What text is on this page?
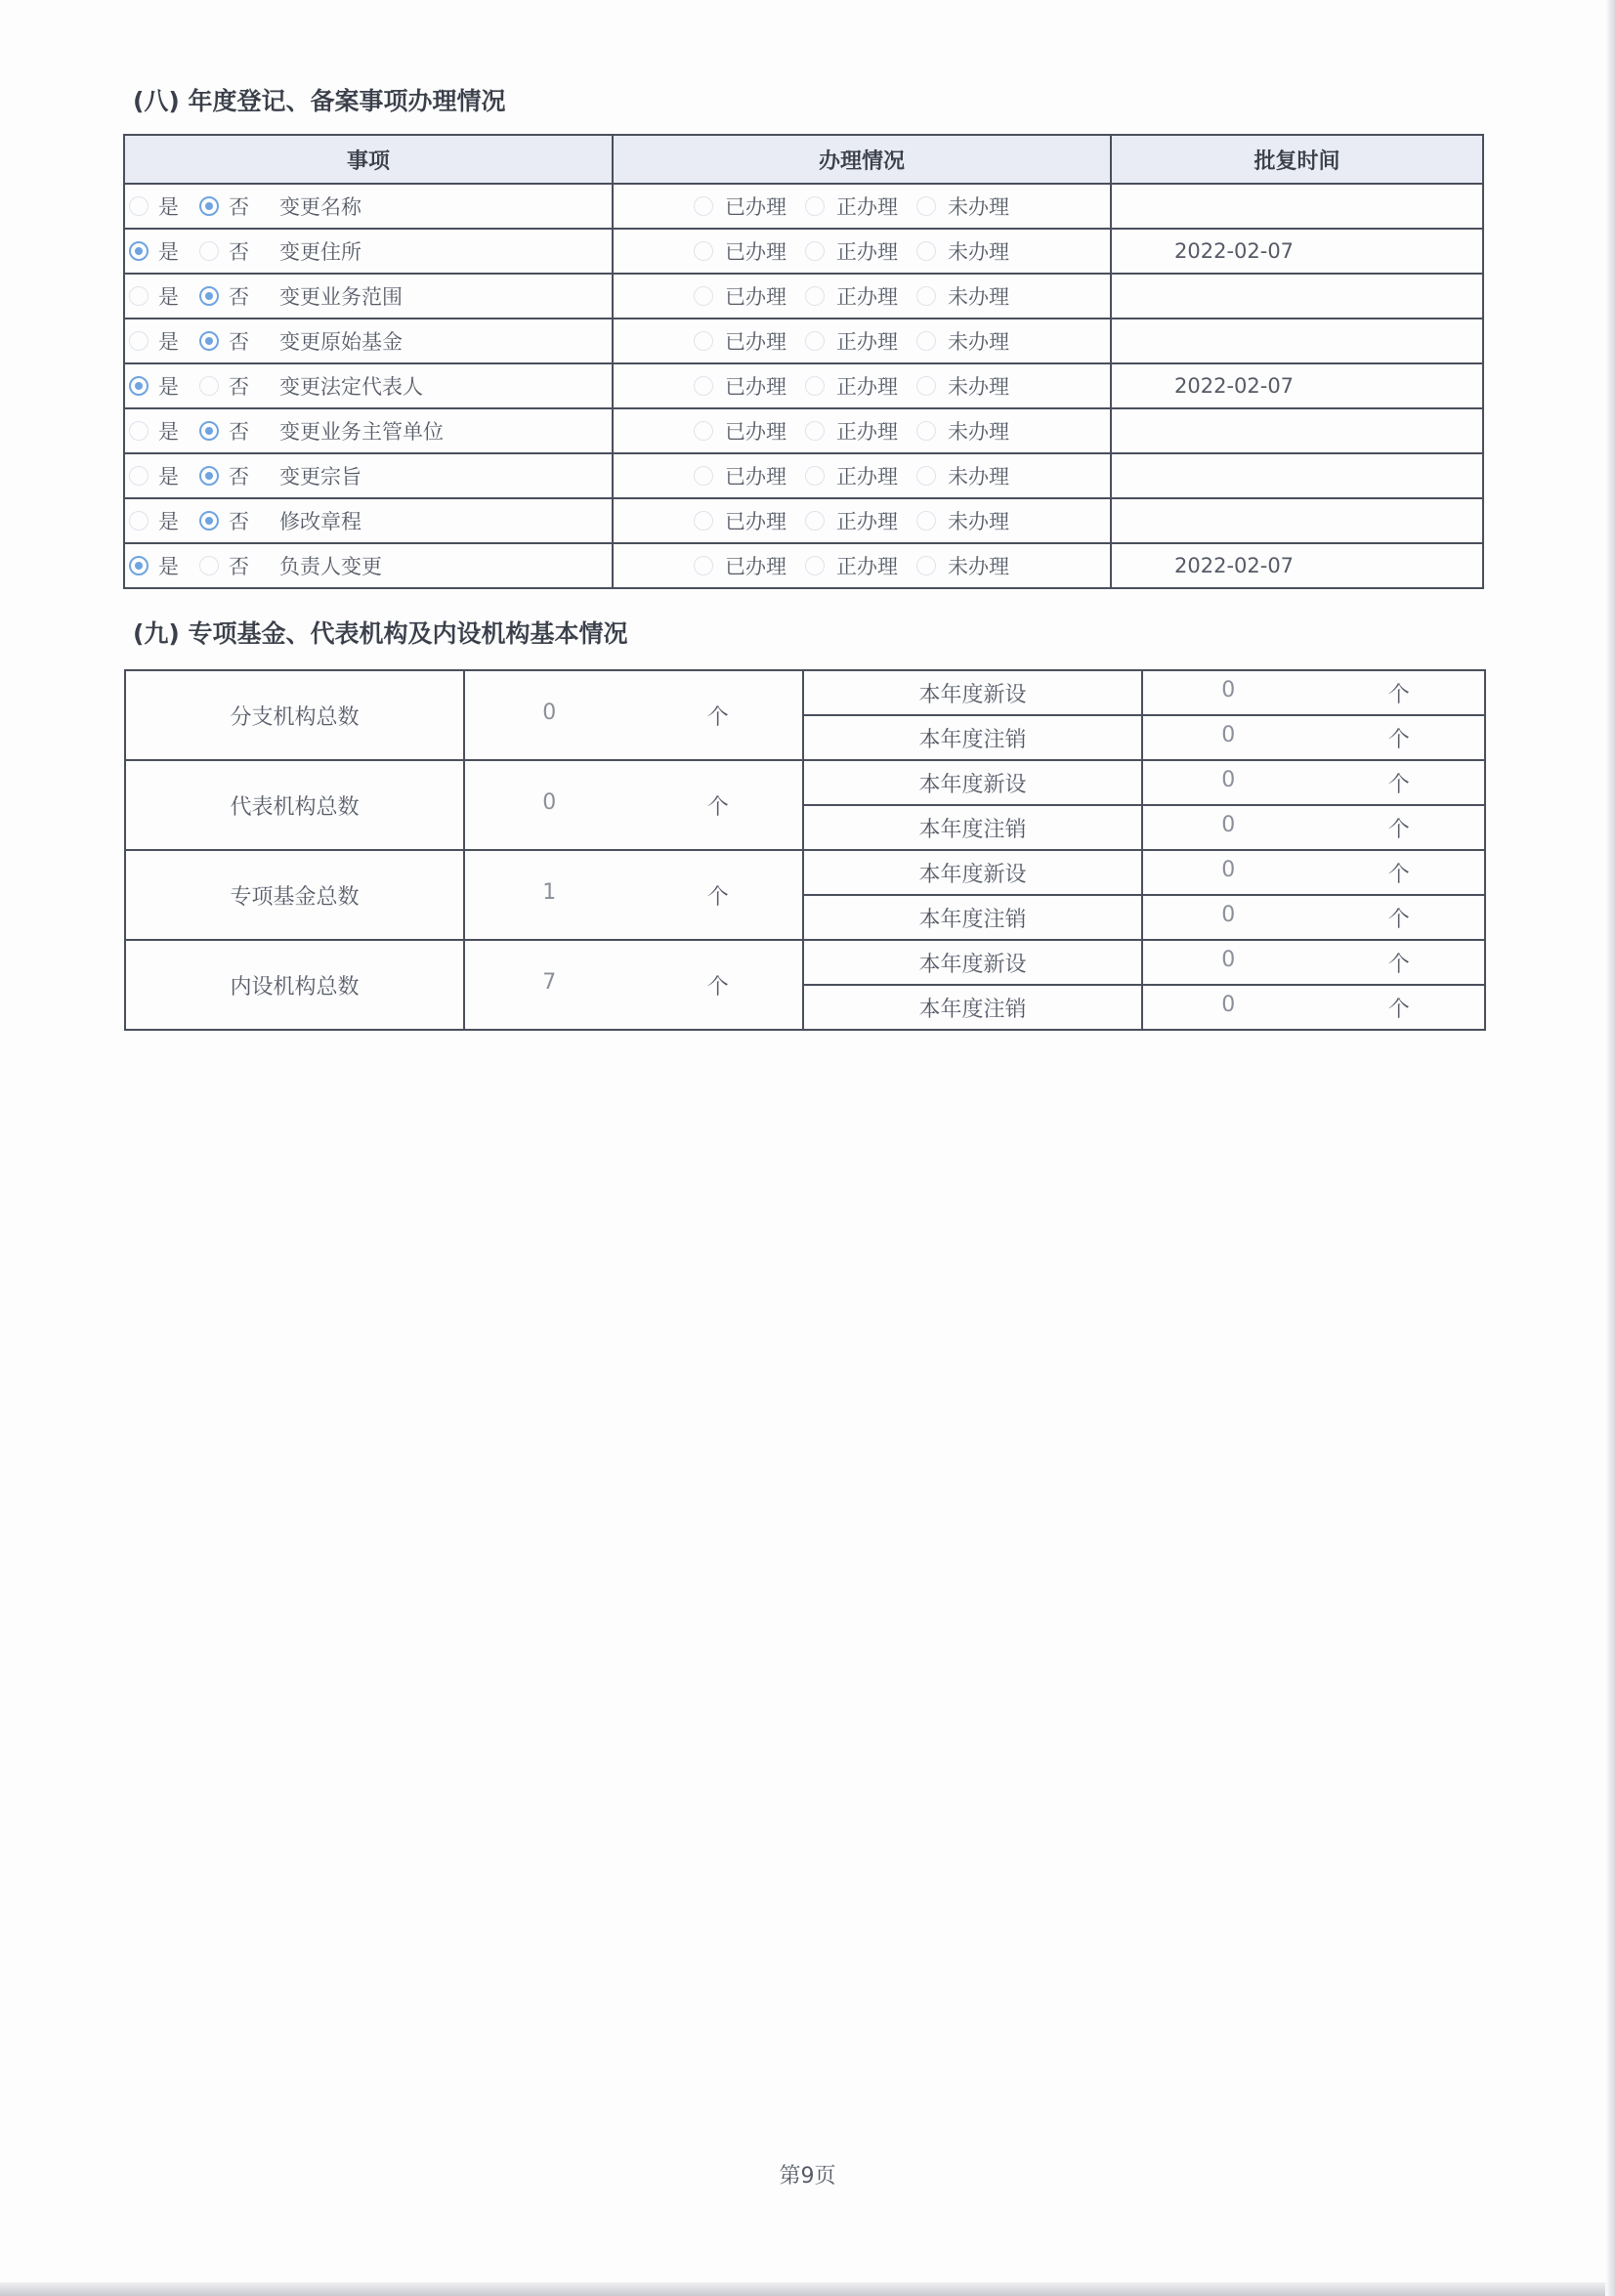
(八) 年度登记、备案事项办理情况
事项	办理情况	批复时间

是 否 变更名称	已办理 正办理 未办理	

是 否 变更住所	已办理 正办理 未办理	2022-02-07

是 否 变更业务范围	已办理 正办理 未办理	

是 否 变更原始基金	已办理 正办理 未办理	

是 否 变更法定代表人	已办理 正办理 未办理	2022-02-07

是 否 变更业务主管单位	已办理 正办理 未办理	

是 否 变更宗旨	已办理 正办理 未办理	

是 否 修改章程	已办理 正办理 未办理	

是 否 负责人变更	已办理 正办理 未办理	2022-02-07
(九) 专项基金、代表机构及内设机构基本情况
分支机构总数	0 个	本年度新设	0 个

		本年度注销	0 个

代表机构总数	0 个	本年度新设	0 个

		本年度注销	0 个

专项基金总数	1 个	本年度新设	0 个

		本年度注销	0 个

内设机构总数	7 个	本年度新设	0 个

		本年度注销	0 个
第9页
